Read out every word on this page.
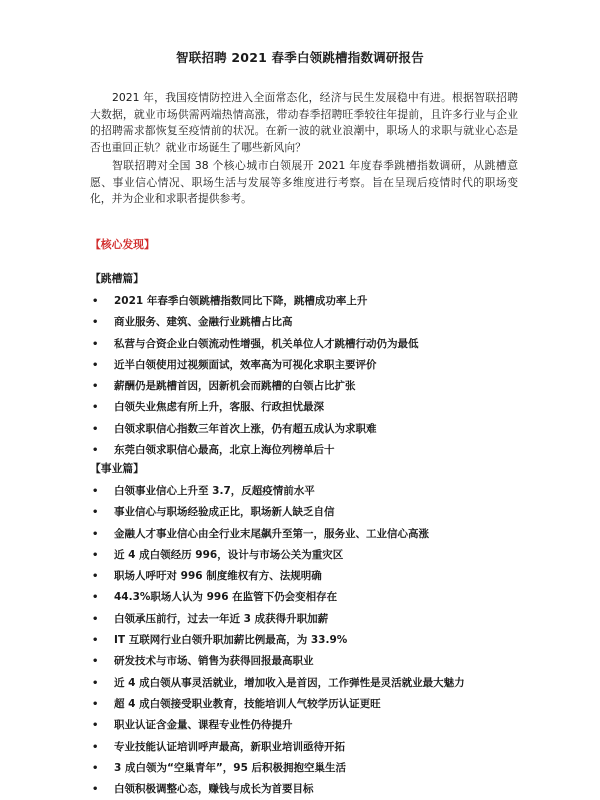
智联招聘 2021 春季白领跳槽指数调研报告

2021 年，我国疫情防控进入全面常态化，经济与民生发展稳中有进。根据智联招聘大数据，就业市场供需两端热情高涨，带动春季招聘旺季较往年提前，且许多行业与企业的招聘需求都恢复至疫情前的状况。在新一波的就业浪潮中，职场人的求职与就业心态是否也重回正轨？就业市场诞生了哪些新风向？

智联招聘对全国 38 个核心城市白领展开 2021 年度春季跳槽指数调研，从跳槽意愿、事业信心情况、职场生活与发展等多维度进行考察。旨在呈现后疫情时代的职场变化，并为企业和求职者提供参考。

【核心发现】
【跳槽篇】
• 2021 年春季白领跳槽指数同比下降，跳槽成功率上升
• 商业服务、建筑、金融行业跳槽占比高
• 私营与合资企业白领流动性增强，机关单位人才跳槽行动仍为最低
• 近半白领使用过视频面试，效率高为可视化求职主要评价
• 薪酬仍是跳槽首因，因新机会而跳槽的白领占比扩张
• 白领失业焦虑有所上升，客服、行政担忧最深
• 白领求职信心指数三年首次上涨，仍有超五成认为求职难
• 东莞白领求职信心最高，北京上海位列榜单后十
【事业篇】
• 白领事业信心上升至 3.7，反超疫情前水平
• 事业信心与职场经验成正比，职场新人缺乏自信
• 金融人才事业信心由全行业末尾飙升至第一，服务业、工业信心高涨
• 近 4 成白领经历 996，设计与市场公关为重灾区
• 职场人呼吁对 996 制度维权有方、法规明确
• 44.3%职场人认为 996 在监管下仍会变相存在
• 白领承压前行，过去一年近 3 成获得升职加薪
• IT 互联网行业白领升职加薪比例最高，为 33.9%
• 研发技术与市场、销售为获得回报最高职业
• 近 4 成白领从事灵活就业，增加收入是首因，工作弹性是灵活就业最大魅力
• 超 4 成白领接受职业教育，技能培训人气较学历认证更旺
• 职业认证含金量、课程专业性仍待提升
• 专业技能认证培训呼声最高，新职业培训亟待开拓
• 3 成白领为“空巢青年”，95 后积极拥抱空巢生活
• 白领积极调整心态，赚钱与成长为首要目标
